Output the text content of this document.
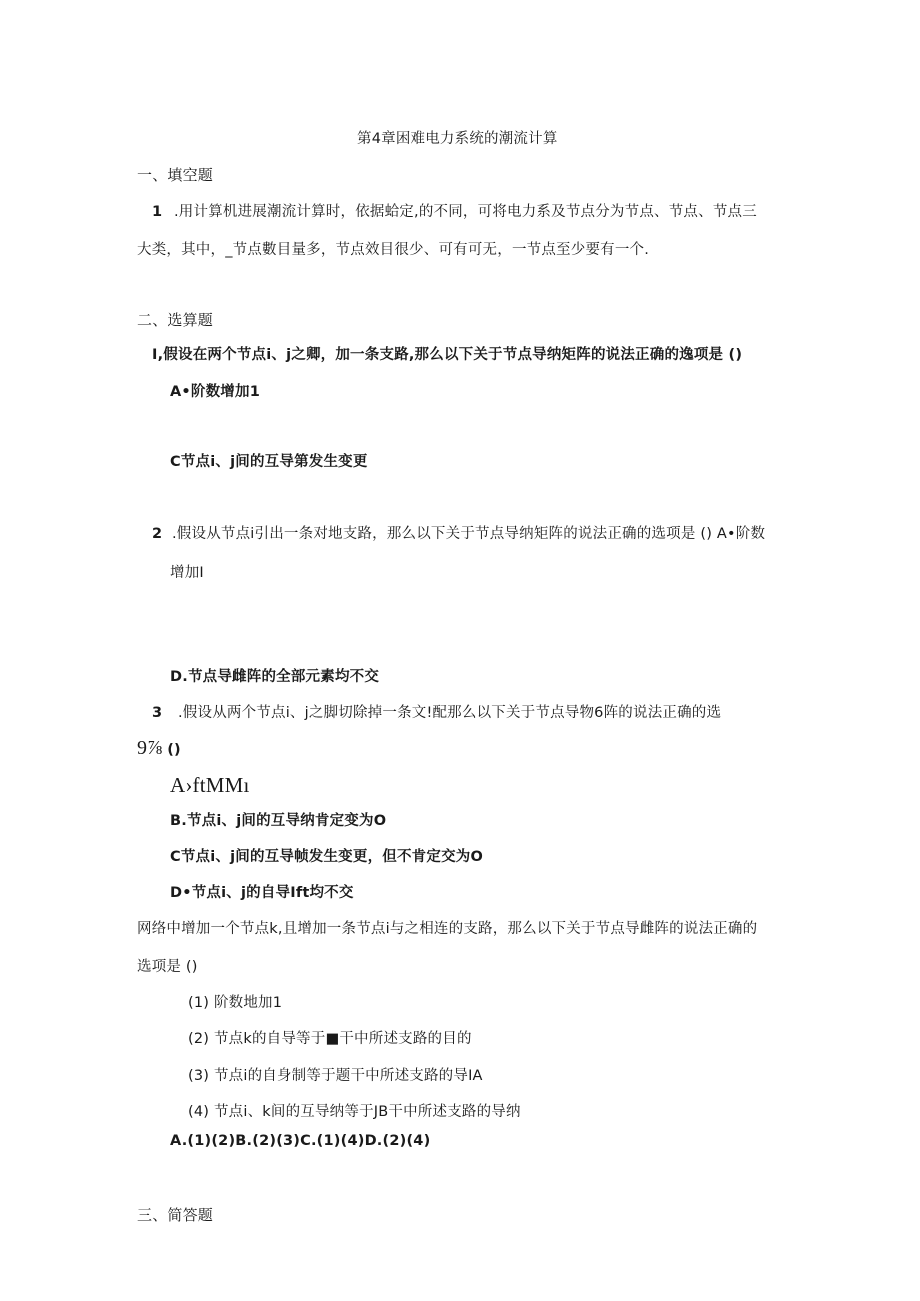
第4章困难电力系统的潮流计算
一、填空题
1 .用计算机进展潮流计算时，依据蛤定,的不同，可将电力系及节点分为节点、节点、节点三
大类，其中，_节点數目量多，节点效目很少、可有可无，一节点至少要有一个.
二、选算题
I,假设在两个节点i、j之卿，加一条支路,那么以下关于节点导纳矩阵的说法正确的逸项是 ()
A•阶数增加1
C节点i、j间的互导第发生变更
2 .假设从节点i引出一条对地支路，那么以下关于节点导纳矩阵的说法正确的选项是 () A•阶数
增加I
D.节点导雌阵的全部元素均不交
3 .假设从两个节点i、j之脚切除掉一条文!配那么以下关于节点导物6阵的说法正确的选
9⅞ ()
A›ftMMı
B.节点i、j间的互导纳肯定变为O
C节点i、j间的互导帧发生变更，但不肯定交为O
D•节点i、j的自导Ift均不交
网络中增加一个节点k,且增加一条节点i与之相连的支路，那么以下关于节点导雌阵的说法正确的
选项是 ()
(1) 阶数地加1
(2) 节点k的自导等于■干中所述支路的目的
(3) 节点i的自身制等于题干中所述支路的导IA
(4) 节点i、k间的互导纳等于JB干中所述支路的导纳
A.(1)(2)B.(2)(3)C.(1)(4)D.(2)(4)
三、简答题
